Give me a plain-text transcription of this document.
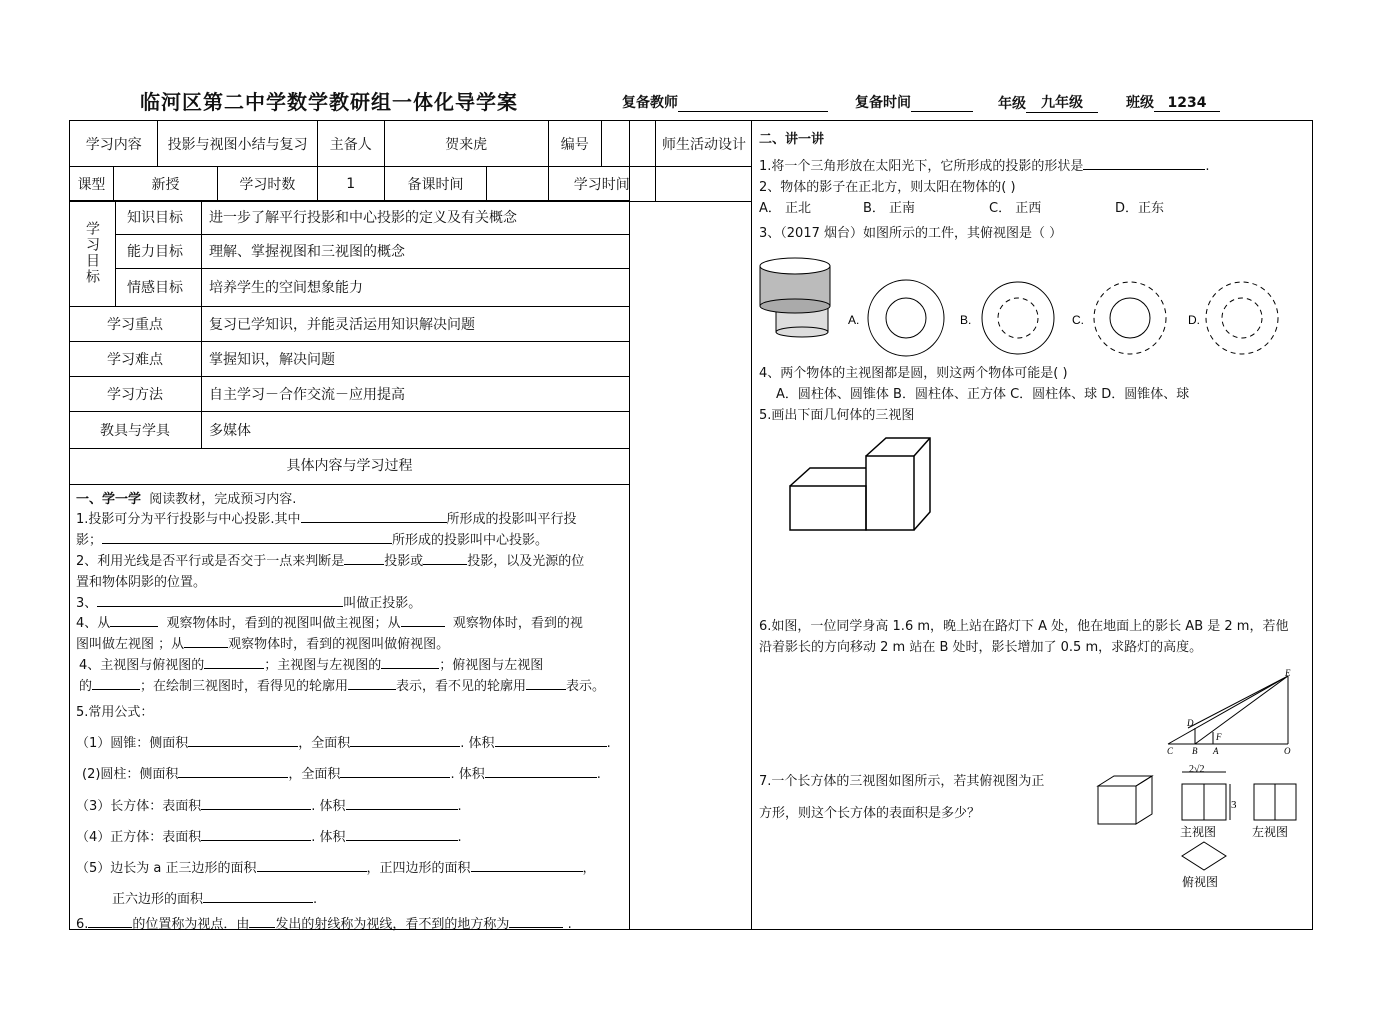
临河区第二中学数学教研组一体化导学案	复备教师	复备时间	年级 九年级	班级 1234
学习内容		投影与视图小结与复习		主备人	贺来虎		编号		师生活动设计
课型	新授		学习时数	1	备课时间		学习时间		
学习目标
知识目标 进一步了解平行投影和中心投影的定义及有关概念
能力目标 理解、掌握视图和三视图的概念
情感目标 培养学生的空间想象能力
学习重点	复习已学知识，并能灵活运用知识解决问题
学习难点	掌握知识，解决问题
学习方法	自主学习－合作交流－应用提高
教具与学具	多媒体
具体内容与学习过程
一、学一学 阅读教材，完成预习内容.
1.投影可分为平行投影与中心投影.其中	所形成的投影叫平行投
影；	所形成的投影叫中心投影。
2、利用光线是否平行或是否交于一点来判断是	投影或	投影，以及光源的位
置和物体阴影的位置。
3、	叫做正投影。
4、从	观察物体时，看到的视图叫做主视图；从	观察物体时，看到的视
图叫做左视图 ；从	观察物体时，看到的视图叫做俯视图。
4、主视图与俯视图的	；主视图与左视图的	；俯视图与左视图
的	；在绘制三视图时，看得见的轮廓用	表示，看不见的轮廓用	表示。
5.常用公式：
（1）圆锥：侧面积	，全面积	. 体积	.
(2)圆柱：侧面积	，全面积	. 体积	.
（3）长方体：表面积	. 体积	.
（4）正方体：表面积	. 体积	.
（5）边长为 a 正三边形的面积	，正四边形的面积	，
正六边形的面积	.
6.	的位置称为视点．由 发出的射线称为视线，看不到的地方称为	.
二、讲一讲
1.将一个三角形放在太阳光下，它所形成的投影的形状是	.
2、物体的影子在正北方，则太阳在物体的( )
A． 正北	B． 正南	C． 正西	D．正东
3、（2017 烟台）如图所示的工件，其俯视图是（ ）
A.	B.	C.	D.
4、两个物体的主视图都是圆，则这两个物体可能是( )
A．圆柱体、圆锥体 B．圆柱体、正方体 C．圆柱体、球 D．圆锥体、球
5.画出下面几何体的三视图
6.如图，一位同学身高 1.6 m，晚上站在路灯下 A 处，他在地面上的影长 AB 是 2 m，若他
沿着影长的方向移动 2 m 站在 B 处时，影长增加了 0.5 m，求路灯的高度。
C B A	O
D
F
E
7.一个长方体的三视图如图所示，若其俯视图为正
方形，则这个长方体的表面积是多少？
2√2
3
主视图	左视图
俯视图
